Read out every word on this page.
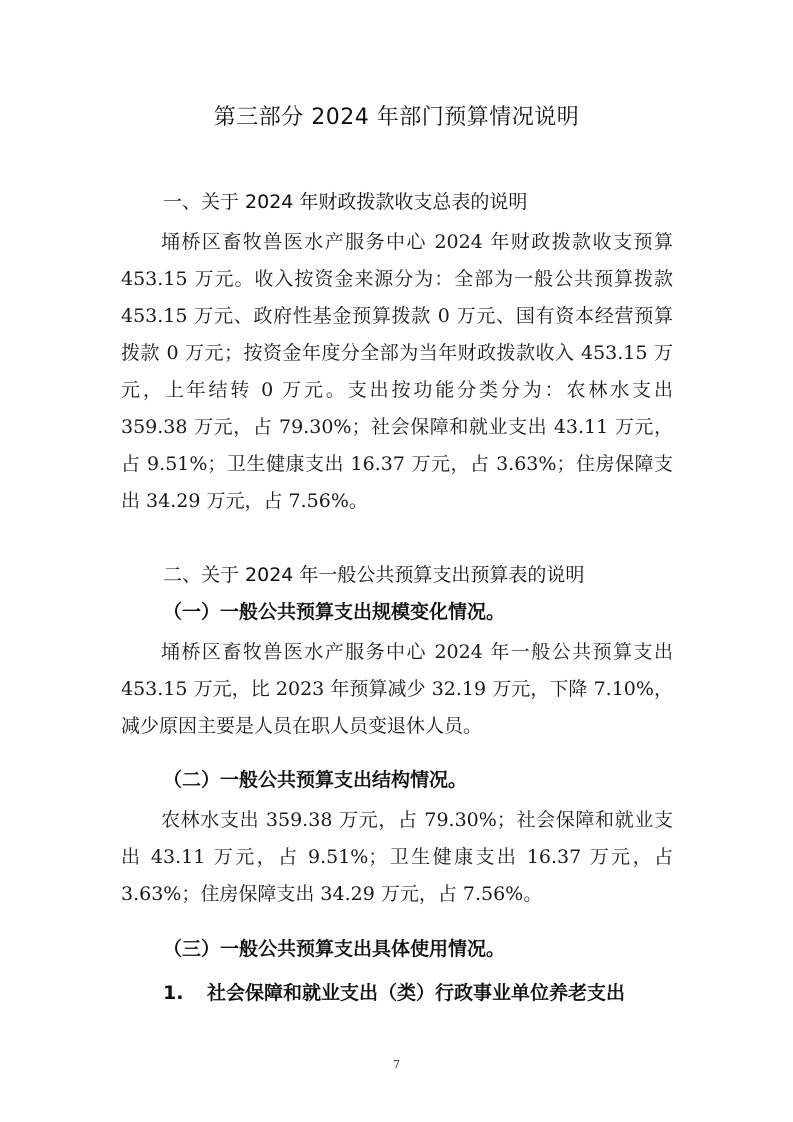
第三部分 2024 年部门预算情况说明
一、关于 2024 年财政拨款收支总表的说明
埇桥区畜牧兽医水产服务中心 2024 年财政拨款收支预算 453.15 万元。收入按资金来源分为：全部为一般公共预算拨款 453.15 万元、政府性基金预算拨款 0 万元、国有资本经营预算拨款 0 万元；按资金年度分全部为当年财政拨款收入 453.15 万元，上年结转 0 万元。支出按功能分类分为：农林水支出 359.38 万元，占 79.30%；社会保障和就业支出 43.11 万元，占 9.51%；卫生健康支出 16.37 万元，占 3.63%；住房保障支出 34.29 万元，占 7.56%。
二、关于 2024 年一般公共预算支出预算表的说明
（一）一般公共预算支出规模变化情况。
埇桥区畜牧兽医水产服务中心 2024 年一般公共预算支出 453.15 万元，比 2023 年预算减少 32.19 万元，下降 7.10%，减少原因主要是人员在职人员变退休人员。
（二）一般公共预算支出结构情况。
农林水支出 359.38 万元，占 79.30%；社会保障和就业支出 43.11 万元，占 9.51%；卫生健康支出 16.37 万元，占 3.63%；住房保障支出 34.29 万元，占 7.56%。
（三）一般公共预算支出具体使用情况。
1. 社会保障和就业支出（类）行政事业单位养老支出
7
